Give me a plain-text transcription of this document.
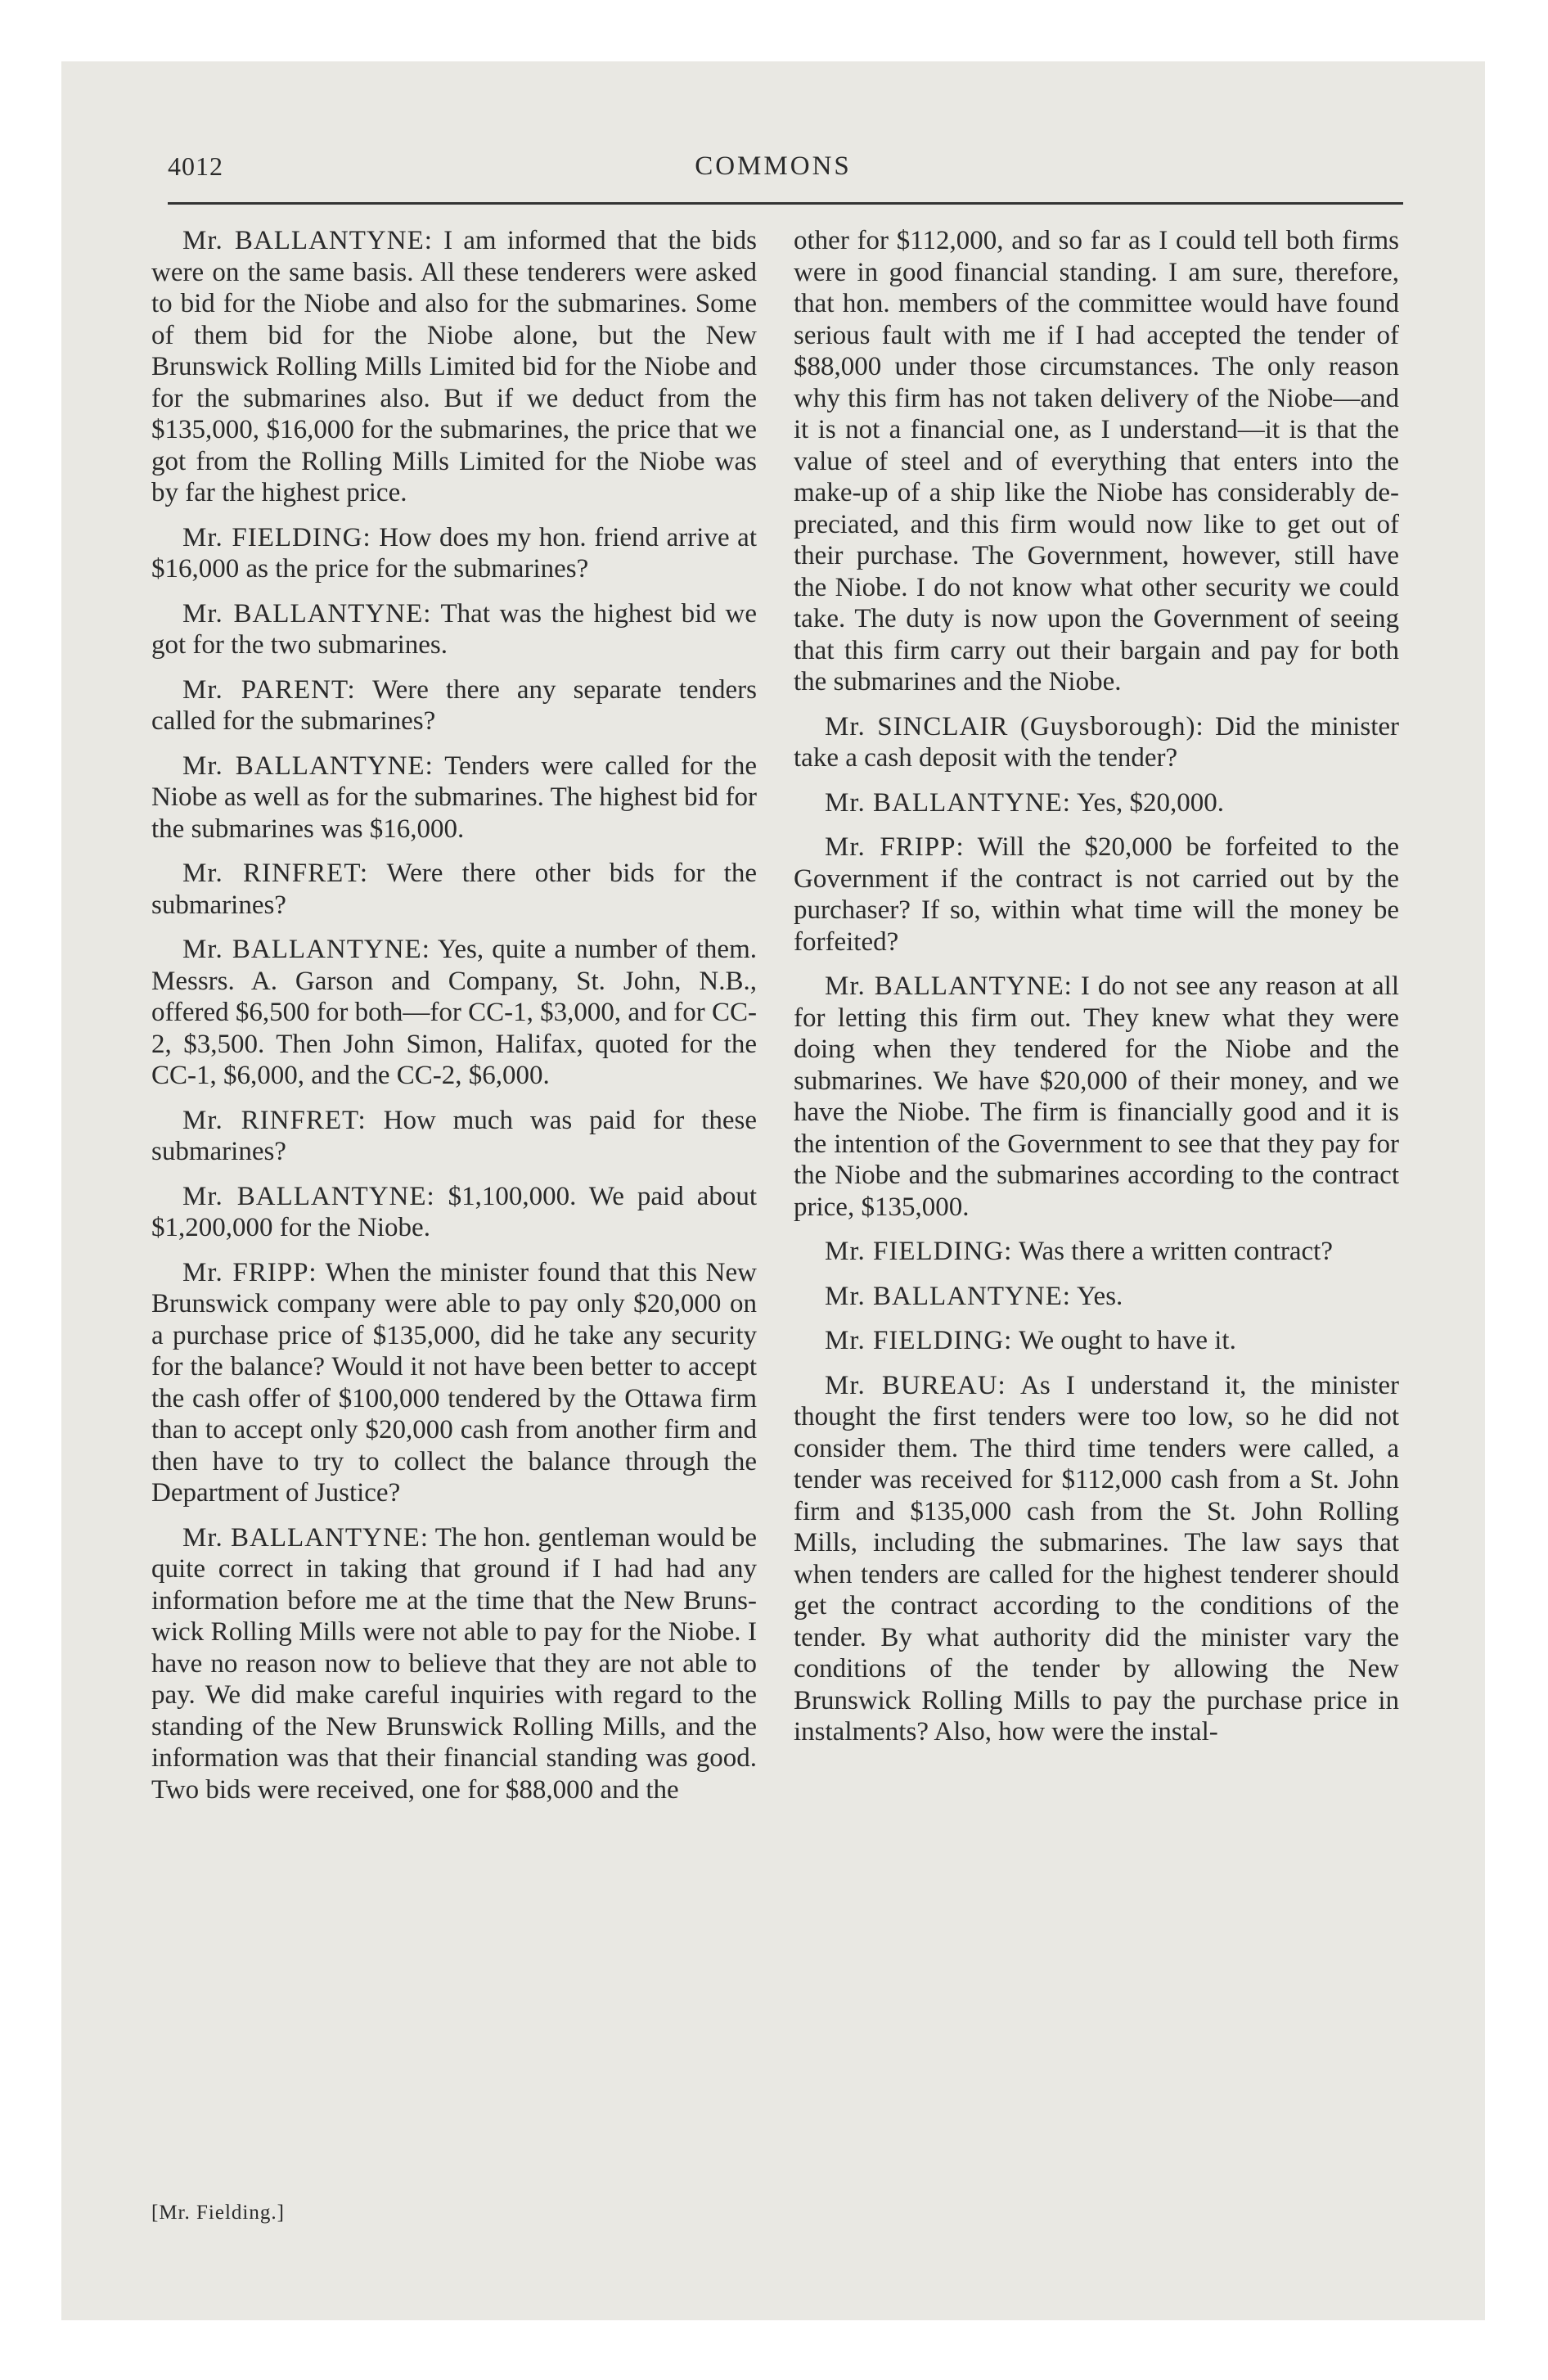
4012	COMMONS

Mr. BALLANTYNE: I am informed that the bids were on the same basis. All these tenderers were asked to bid for the Niobe and also for the submarines. Some of them bid for the Niobe alone, but the New Brunswick Rolling Mills Limited bid for the Niobe and for the submarines also. But if we deduct from the $135,000, $16,000 for the submarines, the price that we got from the Rolling Mills Limited for the Niobe was by far the highest price.

Mr. FIELDING: How does my hon. friend arrive at $16,000 as the price for the submarines?

Mr. BALLANTYNE: That was the highest bid we got for the two submarines.

Mr. PARENT: Were there any separate tenders called for the submarines?

Mr. BALLANTYNE: Tenders were called for the Niobe as well as for the submarines. The highest bid for the submarines was $16,000.

Mr. RINFRET: Were there other bids for the submarines?

Mr. BALLANTYNE: Yes, quite a number of them. Messrs. A. Garson and Company, St. John, N.B., offered $6,500 for both—for CC-1, $3,000, and for CC-2, $3,500. Then John Simon, Halifax, quoted for the CC-1, $6,000, and the CC-2, $6,000.

Mr. RINFRET: How much was paid for these submarines?

Mr. BALLANTYNE: $1,100,000. We paid about $1,200,000 for the Niobe.

Mr. FRIPP: When the minister found that this New Brunswick company were able to pay only $20,000 on a purchase price of $135,000, did he take any security for the balance? Would it not have been better to accept the cash offer of $100,000 tendered by the Ottawa firm than to accept only $20,000 cash from another firm and then have to try to collect the balance through the Department of Justice?

Mr. BALLANTYNE: The hon. gentleman would be quite correct in taking that ground if I had had any information before me at the time that the New Brunswick Rolling Mills were not able to pay for the Niobe. I have no reason now to believe that they are not able to pay. We did make careful inquiries with regard to the standing of the New Brunswick Rolling Mills, and the information was that their financial standing was good. Two bids were received, one for $88,000 and the

other for $112,000, and so far as I could tell both firms were in good financial standing. I am sure, therefore, that hon. members of the committee would have found serious fault with me if I had accepted the tender of $88,000 under those circumstances. The only reason why this firm has not taken delivery of the Niobe—and it is not a financial one, as I understand—it is that the value of steel and of everything that enters into the make-up of a ship like the Niobe has considerably depreciated, and this firm would now like to get out of their purchase. The Government, however, still have the Niobe. I do not know what other security we could take. The duty is now upon the Government of seeing that this firm carry out their bargain and pay for both the submarines and the Niobe.

Mr. SINCLAIR (Guysborough): Did the minister take a cash deposit with the tender?

Mr. BALLANTYNE: Yes, $20,000.

Mr. FRIPP: Will the $20,000 be forfeited to the Government if the contract is not carried out by the purchaser? If so, within what time will the money be forfeited?

Mr. BALLANTYNE: I do not see any reason at all for letting this firm out. They knew what they were doing when they tendered for the Niobe and the submarines. We have $20,000 of their money, and we have the Niobe. The firm is financially good and it is the intention of the Government to see that they pay for the Niobe and the submarines according to the contract price, $135,000.

Mr. FIELDING: Was there a written contract?

Mr. BALLANTYNE: Yes.

Mr. FIELDING: We ought to have it.

Mr. BUREAU: As I understand it, the minister thought the first tenders were too low, so he did not consider them. The third time tenders were called, a tender was received for $112,000 cash from a St. John firm and $135,000 cash from the St. John Rolling Mills, including the submarines. The law says that when tenders are called for the highest tenderer should get the contract according to the conditions of the tender. By what authority did the minister vary the conditions of the tender by allowing the New Brunswick Rolling Mills to pay the purchase price in instalments? Also, how were the instal-

[Mr. Fielding.]
